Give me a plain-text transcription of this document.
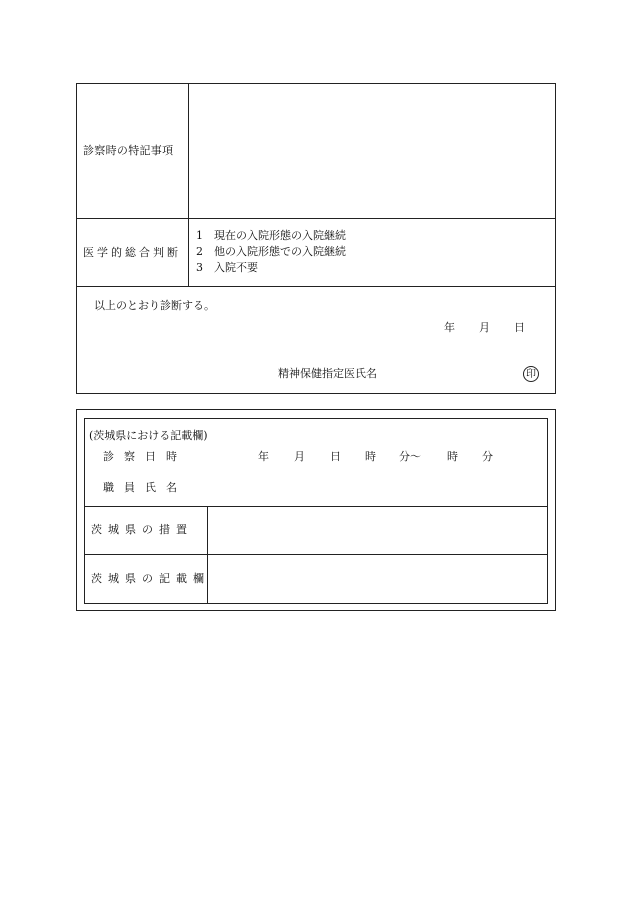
診察時の特記事項
医学的総合判断
1 現在の入院形態の入院継続
2 他の入院形態での入院継続
3 入院不要
以上のとおり診断する。
年 月 日
精神保健指定医氏名	印
(茨城県における記載欄)
診察日時	年 月 日 時 分〜 時 分
職員氏名
茨城県の措置
茨城県の記載欄
